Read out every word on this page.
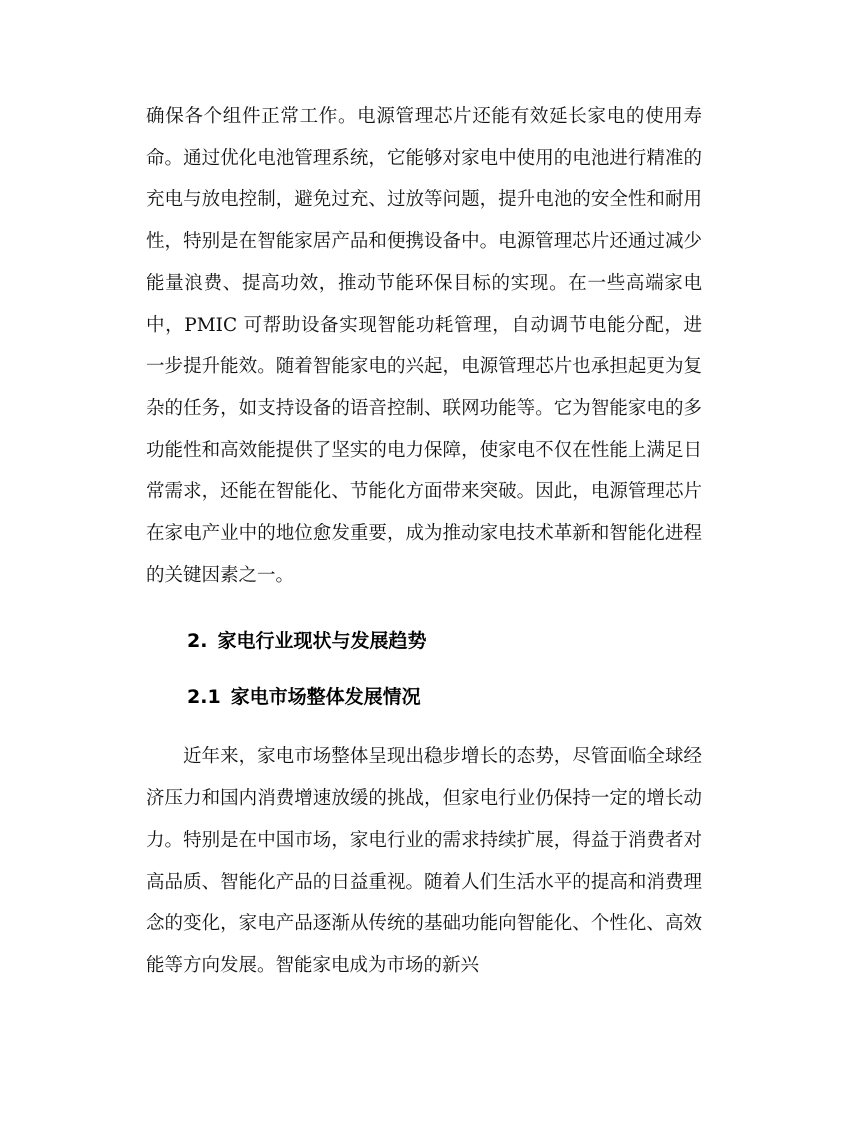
确保各个组件正常工作。电源管理芯片还能有效延长家电的使用寿命。通过优化电池管理系统，它能够对家电中使用的电池进行精准的充电与放电控制，避免过充、过放等问题，提升电池的安全性和耐用性，特别是在智能家居产品和便携设备中。电源管理芯片还通过减少能量浪费、提高功效，推动节能环保目标的实现。在一些高端家电中，PMIC 可帮助设备实现智能功耗管理，自动调节电能分配，进一步提升能效。随着智能家电的兴起，电源管理芯片也承担起更为复杂的任务，如支持设备的语音控制、联网功能等。它为智能家电的多功能性和高效能提供了坚实的电力保障，使家电不仅在性能上满足日常需求，还能在智能化、节能化方面带来突破。因此，电源管理芯片在家电产业中的地位愈发重要，成为推动家电技术革新和智能化进程的关键因素之一。

2. 家电行业现状与发展趋势
2.1 家电市场整体发展情况

近年来，家电市场整体呈现出稳步增长的态势，尽管面临全球经济压力和国内消费增速放缓的挑战，但家电行业仍保持一定的增长动力。特别是在中国市场，家电行业的需求持续扩展，得益于消费者对高品质、智能化产品的日益重视。随着人们生活水平的提高和消费理念的变化，家电产品逐渐从传统的基础功能向智能化、个性化、高效能等方向发展。智能家电成为市场的新兴
